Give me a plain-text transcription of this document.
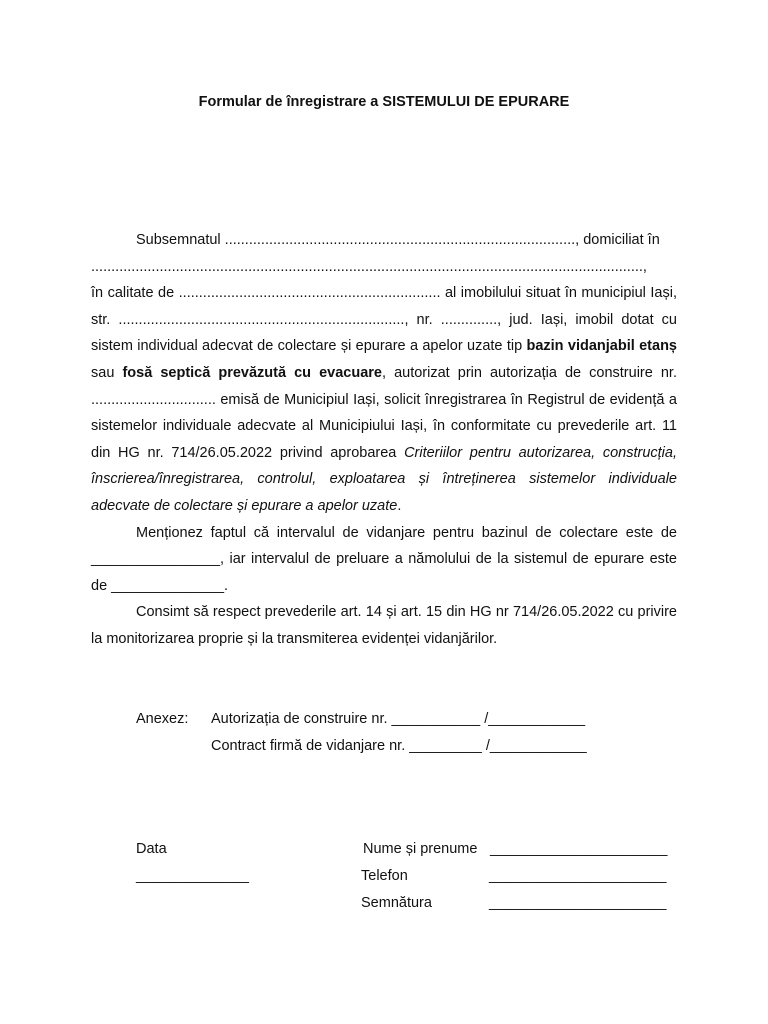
Formular de înregistrare a SISTEMULUI DE EPURARE

Subsemnatul ......................................................................................., domiciliat în
.........................................................................................................................................,
în calitate de ................................................................. al imobilului situat în municipiul Iași, str. ......................................................................., nr. .............., jud. Iași, imobil dotat cu sistem individual adecvat de colectare și epurare a apelor uzate tip bazin vidanjabil etanș sau fosă septică prevăzută cu evacuare, autorizat prin autorizația de construire nr. ............................... emisă de Municipiul Iași, solicit înregistrarea în Registrul de evidență a sistemelor individuale adecvate al Municipiului Iași, în conformitate cu prevederile art. 11 din HG nr. 714/26.05.2022 privind aprobarea Criteriilor pentru autorizarea, construcția, înscrierea/înregistrarea, controlul, exploatarea și întreținerea sistemelor individuale adecvate de colectare și epurare a apelor uzate.

Menționez faptul că intervalul de vidanjare pentru bazinul de colectare este de ________________, iar intervalul de preluare a nămolului de la sistemul de epurare este de ______________.

Consimt să respect prevederile art. 14 și art. 15 din HG nr 714/26.05.2022 cu privire la monitorizarea proprie și la transmiterea evidenței vidanjărilor.

Anexez: Autorizația de construire nr. ___________ /____________
Contract firmă de vidanjare nr. _________ /____________
Data
______________
Nume și prenume ______________________
Telefon	______________________
Semnătura	______________________
